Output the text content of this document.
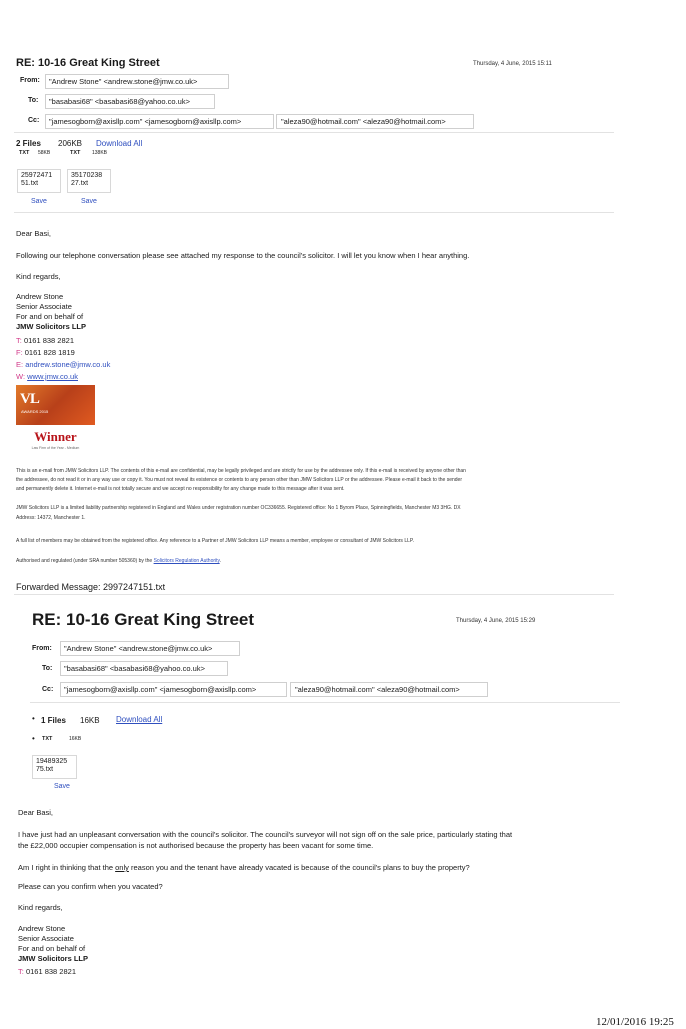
RE: 10-16 Great King Street	Thursday, 4 June, 2015 15:11
From: "Andrew Stone" <andrew.stone@jmw.co.uk>
To: "basabasi68" <basabasi68@yahoo.co.uk>
Cc: "jamesogborn@axisllp.com" <jamesogborn@axisllp.com>	"aleza90@hotmail.com" <aleza90@hotmail.com>
2 Files 206KB Download All
TXT 58KB	TXT 138KB
25972471
51.txt
35170238
27.txt
Save	Save
Dear Basi,
Following our telephone conversation please see attached my response to the council's solicitor. I will let you know when I hear anything.
Kind regards,
Andrew Stone
Senior Associate
For and on behalf of
JMW Solicitors LLP
T: 0161 838 2821
F: 0161 828 1819
E: andrew.stone@jmw.co.uk
W: www.jmw.co.uk
VL
AWARDS 2015
Winner
Law Firm of the Year - Medium
This is an e-mail from JMW Solicitors LLP. The contents of this e-mail are confidential, may be legally privileged and are strictly for use by the addressee only. If this e-mail is received by anyone other than
the addressee, do not read it or in any way use or copy it. You must not reveal its existence or contents to any person other than JMW Solicitors LLP or the addressee. Please e-mail it back to the sender
and permanently delete it. Internet e-mail is not totally secure and we accept no responsibility for any change made to this message after it was sent.
JMW Solicitors LLP is a limited liability partnership registered in England and Wales under registration number OC336655. Registered office: No 1 Byrom Place, Spinningfields, Manchester M3 3HG. DX
Address: 14372, Manchester 1.
A full list of members may be obtained from the registered office. Any reference to a Partner of JMW Solicitors LLP means a member, employee or consultant of JMW Solicitors LLP.
Authorised and regulated (under SRA number 505360) by the Solicitors Regulation Authority.
Forwarded Message: 2997247151.txt
RE: 10-16 Great King Street	Thursday, 4 June, 2015 15:29
From: "Andrew Stone" <andrew.stone@jmw.co.uk>
To: "basabasi68" <basabasi68@yahoo.co.uk>
Cc: "jamesogborn@axisllp.com" <jamesogborn@axisllp.com>	"aleza90@hotmail.com" <aleza90@hotmail.com>
• 1 Files 16KB Download All
• TXT	16KB
19489325
75.txt
Save
Dear Basi,
I have just had an unpleasant conversation with the council's solicitor. The council's surveyor will not sign off on the sale price, particularly stating that
the £22,000 occupier compensation is not authorised because the property has been vacant for some time.
Am I right in thinking that the only reason you and the tenant have already vacated is because of the council's plans to buy the property?
Please can you confirm when you vacated?
Kind regards,
Andrew Stone
Senior Associate
For and on behalf of
JMW Solicitors LLP
T: 0161 838 2821
12/01/2016 19:25
